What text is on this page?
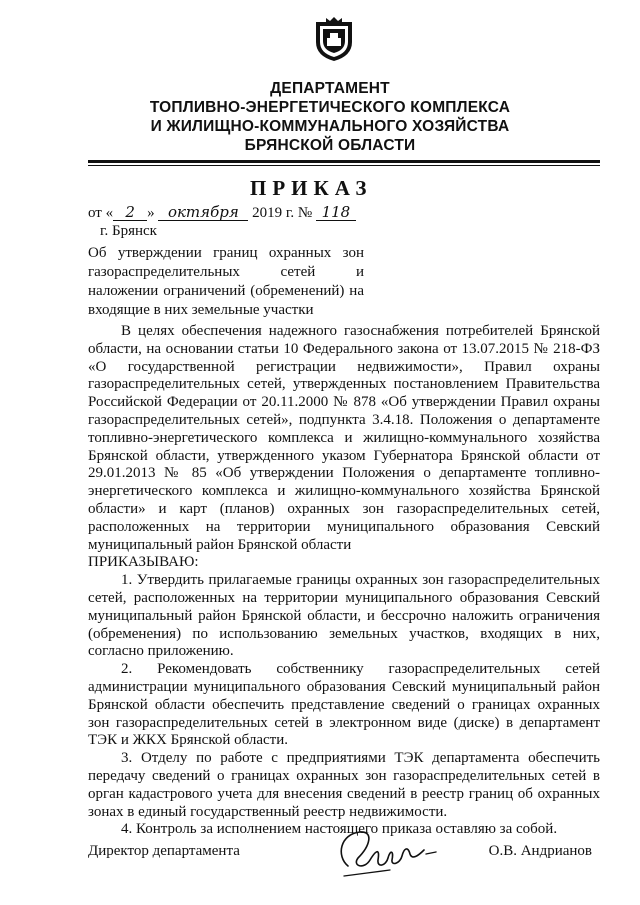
ДЕПАРТАМЕНТ
ТОПЛИВНО-ЭНЕРГЕТИЧЕСКОГО КОМПЛЕКСА
И ЖИЛИЩНО-КОММУНАЛЬНОГО ХОЗЯЙСТВА
БРЯНСКОЙ ОБЛАСТИ
ПРИКАЗ
от « 2 » октября 2019 г. № 118
г. Брянск
Об утверждении границ охранных зон газораспределительных сетей и наложении ограничений (обременений) на входящие в них земельные участки

В целях обеспечения надежного газоснабжения потребителей Брянской области, на основании статьи 10 Федерального закона от 13.07.2015 № 218-ФЗ «О государственной регистрации недвижимости», Правил охраны газораспределительных сетей, утвержденных постановлением Правительства Российской Федерации от 20.11.2000 № 878 «Об утверждении Правил охраны газораспределительных сетей», подпункта 3.4.18. Положения о департаменте топливно-энергетического комплекса и жилищно-коммунального хозяйства Брянской области, утвержденного указом Губернатора Брянской области от 29.01.2013 № 85 «Об утверждении Положения о департаменте топливно-энергетического комплекса и жилищно-коммунального хозяйства Брянской области» и карт (планов) охранных зон газораспределительных сетей, расположенных на территории муниципального образования Севский муниципальный район Брянской области

ПРИКАЗЫВАЮ:

1. Утвердить прилагаемые границы охранных зон газораспределительных сетей, расположенных на территории муниципального образования Севский муниципальный район Брянской области, и бессрочно наложить ограничения (обременения) по использованию земельных участков, входящих в них, согласно приложению.

2. Рекомендовать собственнику газораспределительных сетей администрации муниципального образования Севский муниципальный район Брянской области обеспечить представление сведений о границах охранных зон газораспределительных сетей в электронном виде (диске) в департамент ТЭК и ЖКХ Брянской области.

3. Отделу по работе с предприятиями ТЭК департамента обеспечить передачу сведений о границах охранных зон газораспределительных сетей в орган кадастрового учета для внесения сведений в реестр границ об охранных зонах в единый государственный реестр недвижимости.

4. Контроль за исполнением настоящего приказа оставляю за собой.

Директор департамента	О.В. Андрианов
